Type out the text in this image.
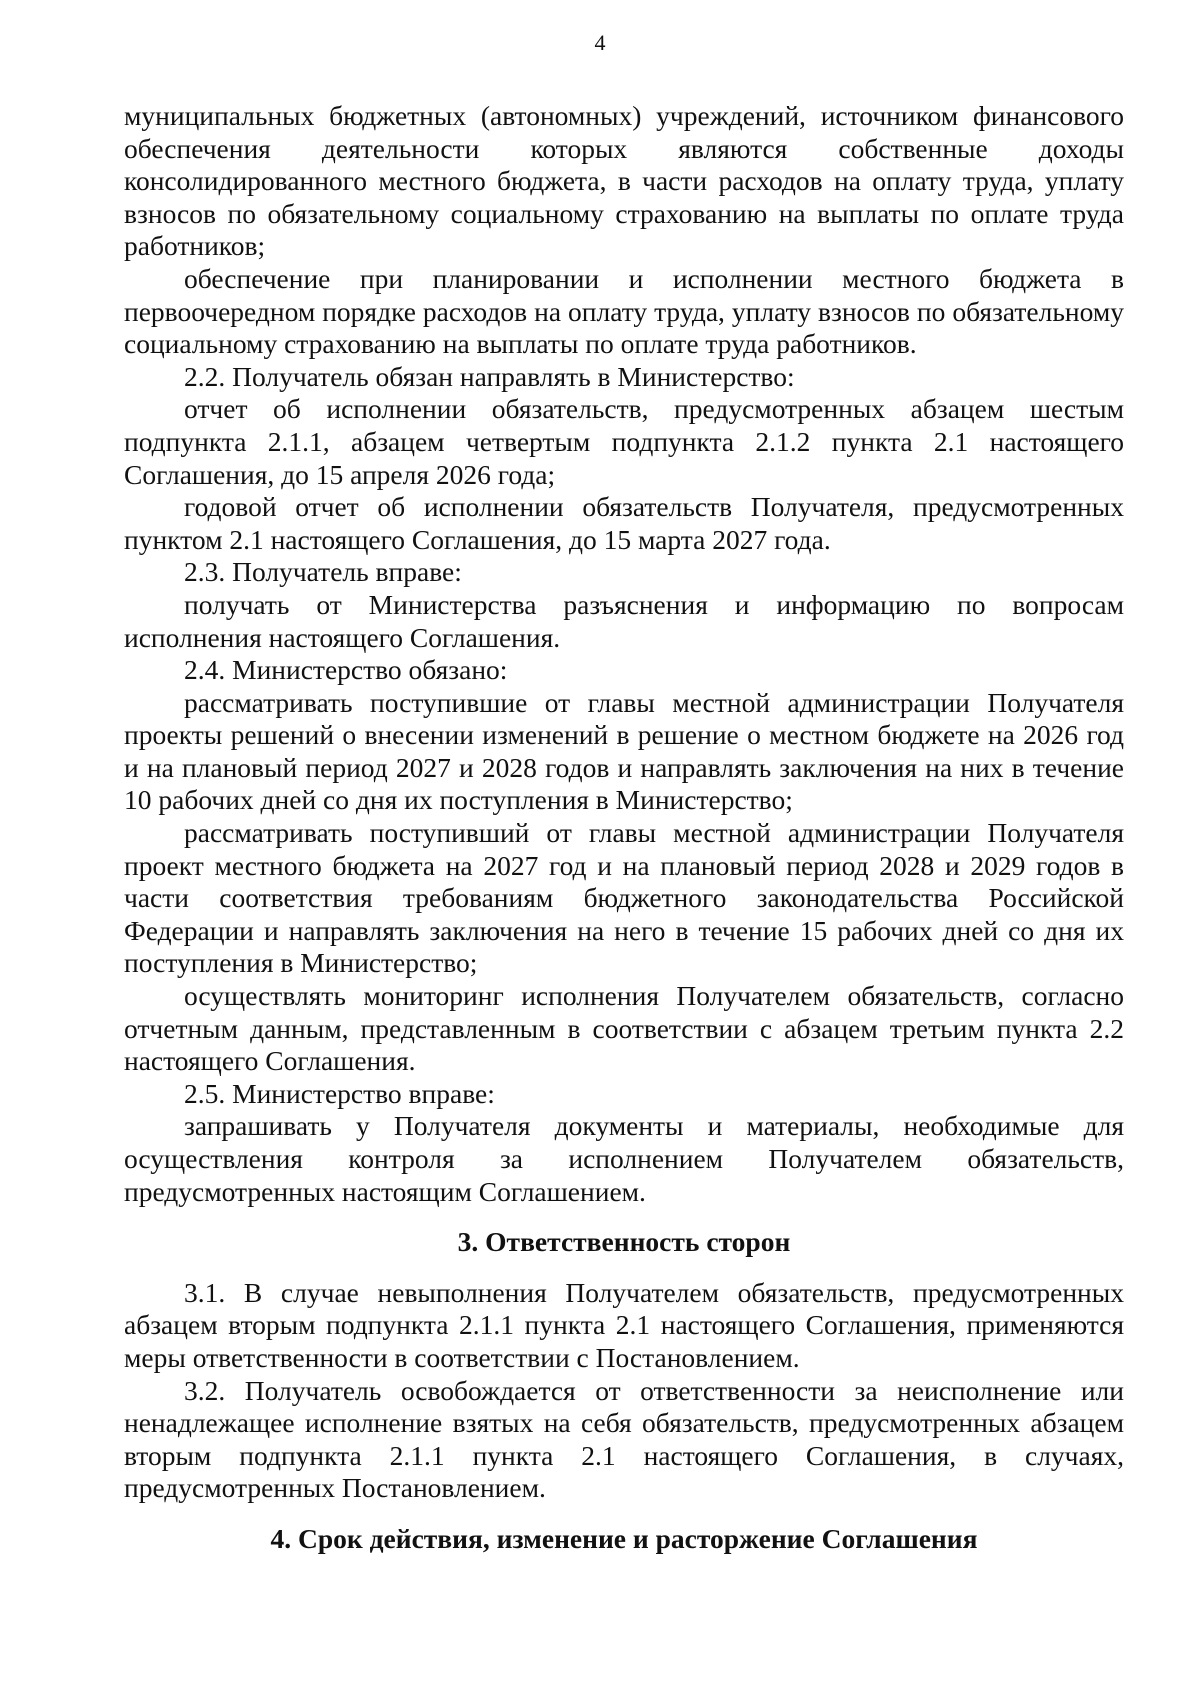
4

муниципальных бюджетных (автономных) учреждений, источником финансового обеспечения деятельности которых являются собственные доходы консолидированного местного бюджета, в части расходов на оплату труда, уплату взносов по обязательному социальному страхованию на выплаты по оплате труда работников;

обеспечение при планировании и исполнении местного бюджета в первоочередном порядке расходов на оплату труда, уплату взносов по обязательному социальному страхованию на выплаты по оплате труда работников.

2.2. Получатель обязан направлять в Министерство:

отчет об исполнении обязательств, предусмотренных абзацем шестым подпункта 2.1.1, абзацем четвертым подпункта 2.1.2 пункта 2.1 настоящего Соглашения, до 15 апреля 2026 года;

годовой отчет об исполнении обязательств Получателя, предусмотренных пунктом 2.1 настоящего Соглашения, до 15 марта 2027 года.

2.3. Получатель вправе:

получать от Министерства разъяснения и информацию по вопросам исполнения настоящего Соглашения.

2.4. Министерство обязано:

рассматривать поступившие от главы местной администрации Получателя проекты решений о внесении изменений в решение о местном бюджете на 2026 год и на плановый период 2027 и 2028 годов и направлять заключения на них в течение 10 рабочих дней со дня их поступления в Министерство;

рассматривать поступивший от главы местной администрации Получателя проект местного бюджета на 2027 год и на плановый период 2028 и 2029 годов в части соответствия требованиям бюджетного законодательства Российской Федерации и направлять заключения на него в течение 15 рабочих дней со дня их поступления в Министерство;

осуществлять мониторинг исполнения Получателем обязательств, согласно отчетным данным, представленным в соответствии с абзацем третьим пункта 2.2 настоящего Соглашения.

2.5. Министерство вправе:

запрашивать у Получателя документы и материалы, необходимые для осуществления контроля за исполнением Получателем обязательств, предусмотренных настоящим Соглашением.

3. Ответственность сторон

3.1. В случае невыполнения Получателем обязательств, предусмотренных абзацем вторым подпункта 2.1.1 пункта 2.1 настоящего Соглашения, применяются меры ответственности в соответствии с Постановлением.

3.2. Получатель освобождается от ответственности за неисполнение или ненадлежащее исполнение взятых на себя обязательств, предусмотренных абзацем вторым подпункта 2.1.1 пункта 2.1 настоящего Соглашения, в случаях, предусмотренных Постановлением.

4. Срок действия, изменение и расторжение Соглашения
